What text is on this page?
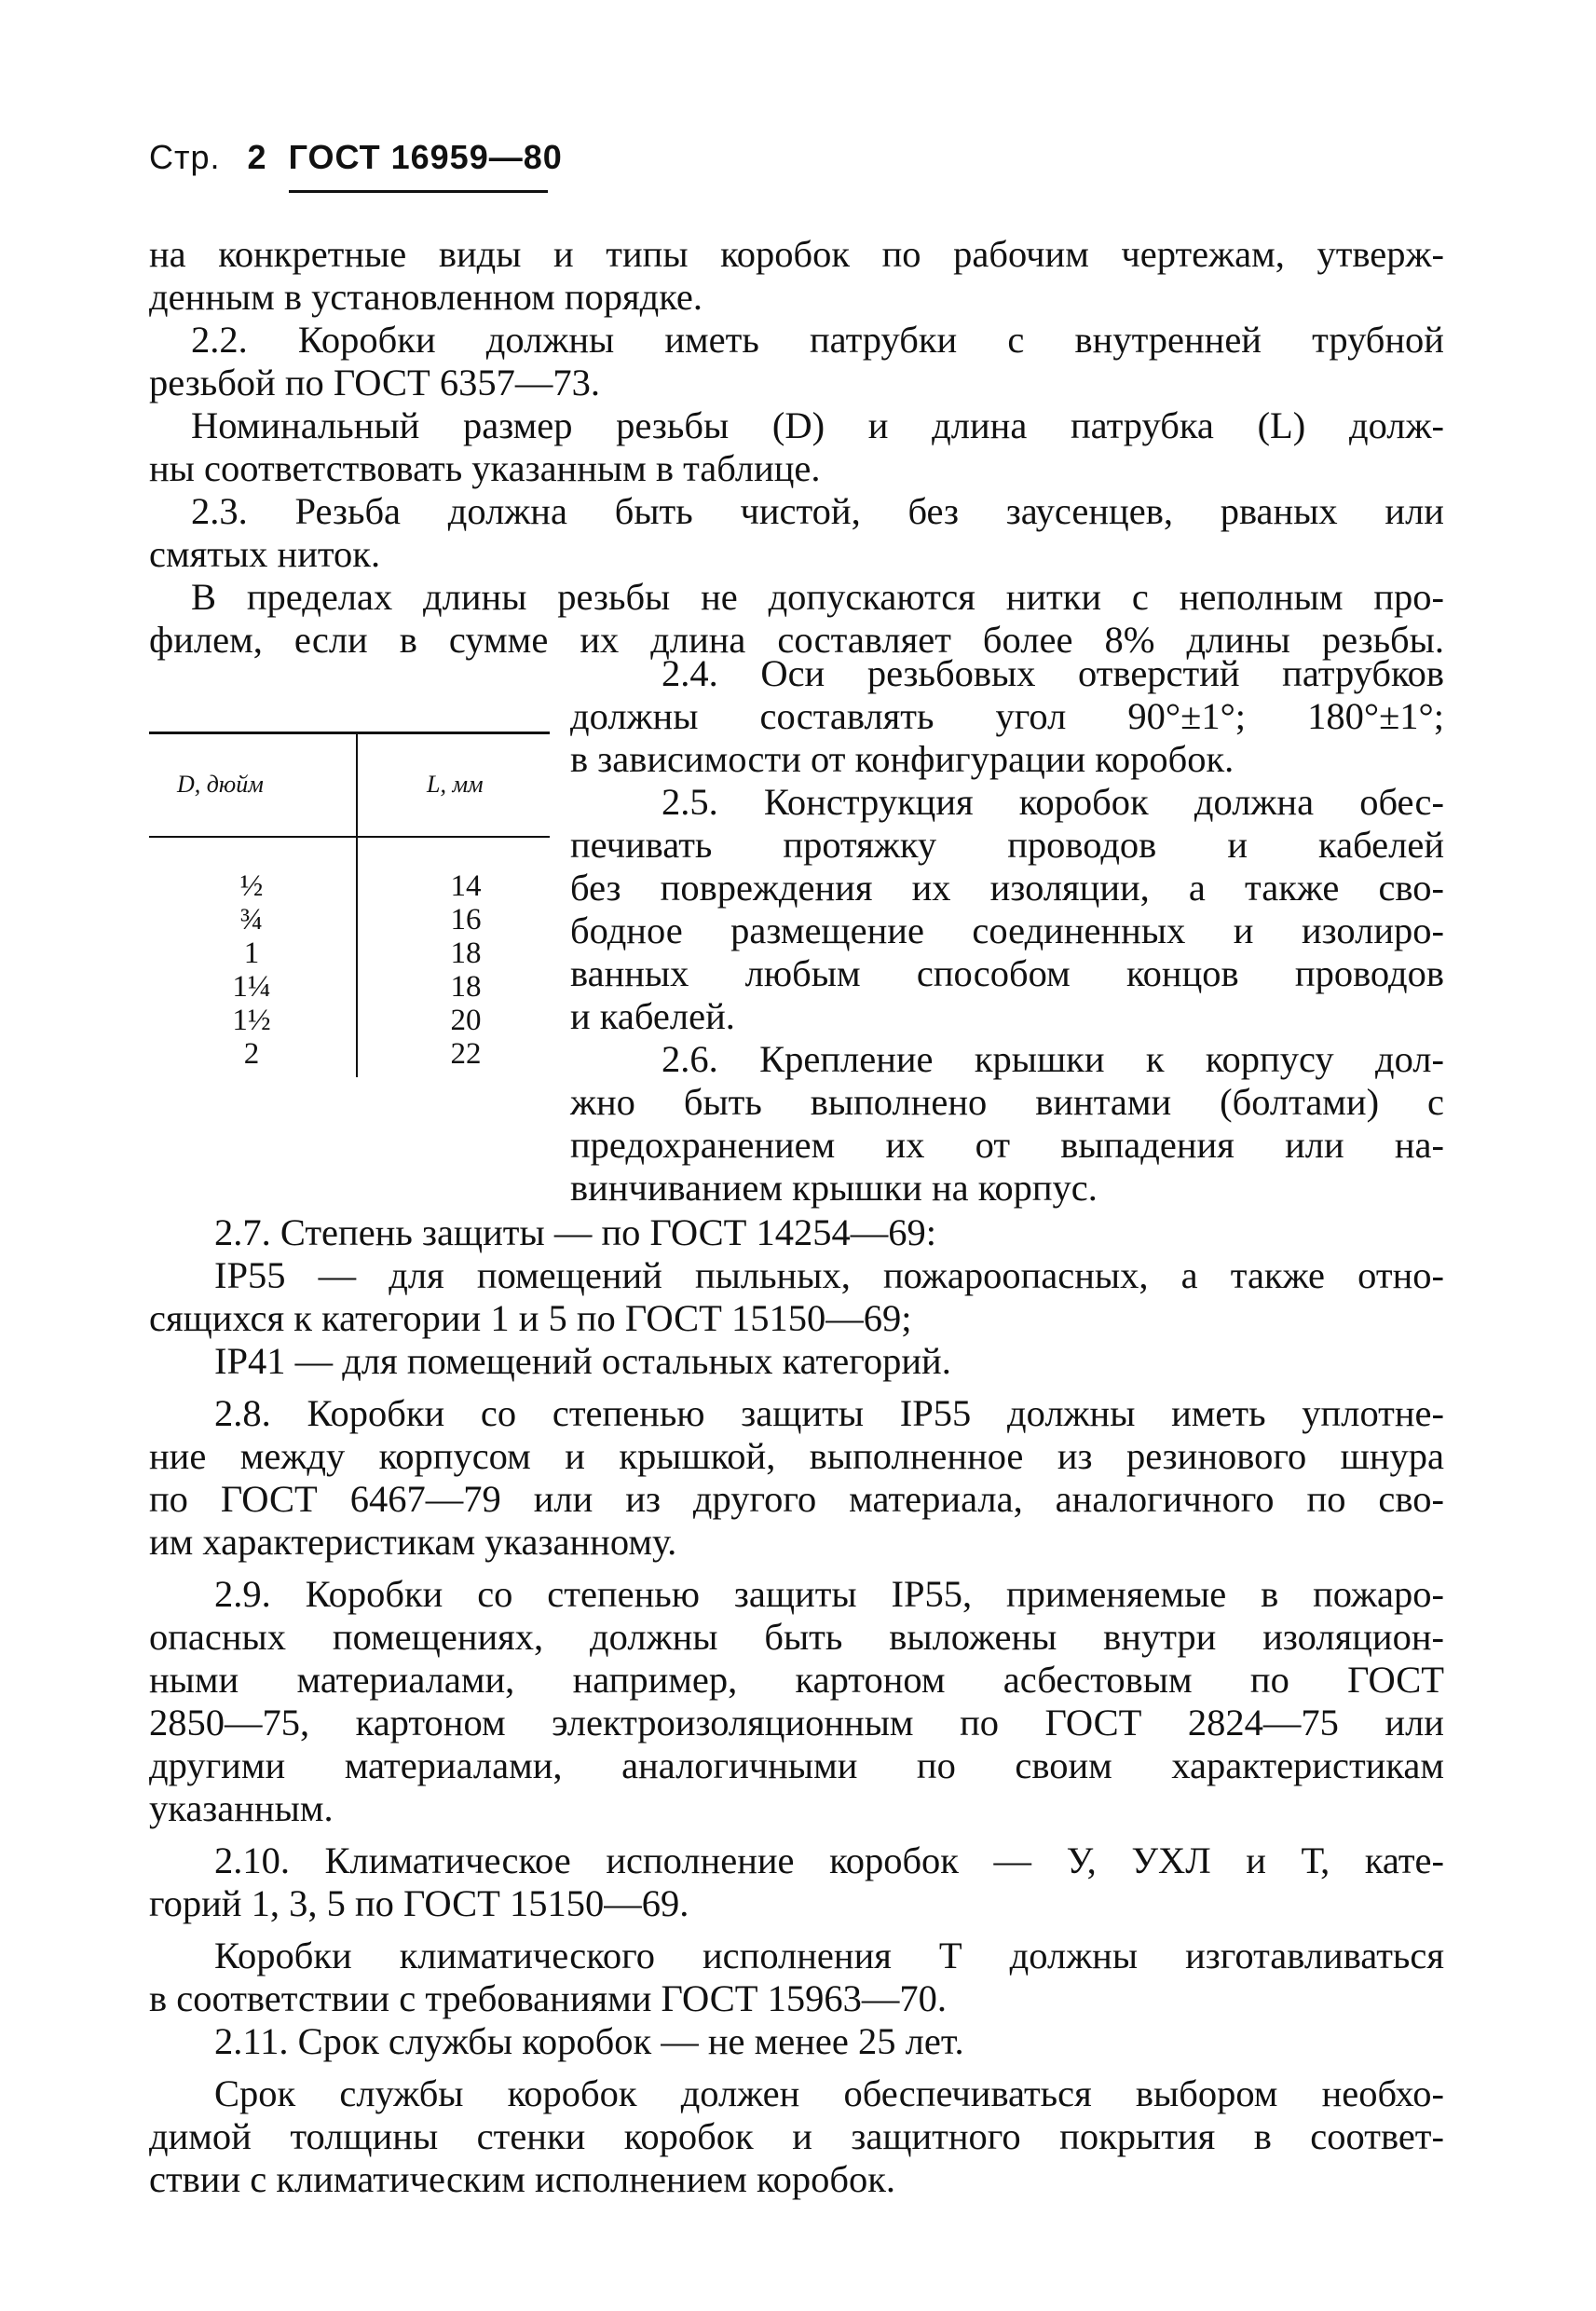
Стр. 2 ГОСТ 16959—80
на конкретные виды и типы коробок по рабочим чертежам, утверж-
денным в установленном порядке.
2.2. Коробки должны иметь патрубки с внутренней трубной
резьбой по ГОСТ 6357—73.
Номинальный размер резьбы (D) и длина патрубка (L) долж-
ны соответствовать указанным в таблице.
2.3. Резьба должна быть чистой, без заусенцев, рваных или
смятых ниток.
В пределах длины резьбы не допускаются нитки с неполным про-
филем, если в сумме их длина составляет более 8% длины резьбы.
2.4. Оси резьбовых отверстий патрубков
должны составлять угол 90°±1°; 180°±1°;
в зависимости от конфигурации коробок.
2.5. Конструкция коробок должна обес-
печивать протяжку проводов и кабелей
без повреждения их изоляции, а также сво-
бодное размещение соединенных и изолиро-
ванных любым способом концов проводов
и кабелей.
2.6. Крепление крышки к корпусу дол-
жно быть выполнено винтами (болтами) с
предохранением их от выпадения или на-
винчиванием крышки на корпус.
D, дюйм	L, мм
½
¾
1
1¼
1½
2
14
16
18
18
20
22
2.7. Степень защиты — по ГОСТ 14254—69:
IP55 — для помещений пыльных, пожароопасных, а также отно-
сящихся к категории 1 и 5 по ГОСТ 15150—69;
IP41 — для помещений остальных категорий.
2.8. Коробки со степенью защиты IP55 должны иметь уплотне-
ние между корпусом и крышкой, выполненное из резинового шнура
по ГОСТ 6467—79 или из другого материала, аналогичного по сво-
им характеристикам указанному.
2.9. Коробки со степенью защиты IP55, применяемые в пожаро-
опасных помещениях, должны быть выложены внутри изоляцион-
ными материалами, например, картоном асбестовым по ГОСТ
2850—75, картоном электроизоляционным по ГОСТ 2824—75 или
другими материалами, аналогичными по своим характеристикам
указанным.
2.10. Климатическое исполнение коробок — У, УХЛ и Т, кате-
горий 1, 3, 5 по ГОСТ 15150—69.
Коробки климатического исполнения Т должны изготавливаться
в соответствии с требованиями ГОСТ 15963—70.
2.11. Срок службы коробок — не менее 25 лет.
Срок службы коробок должен обеспечиваться выбором необхо-
димой толщины стенки коробок и защитного покрытия в соответ-
ствии с климатическим исполнением коробок.
